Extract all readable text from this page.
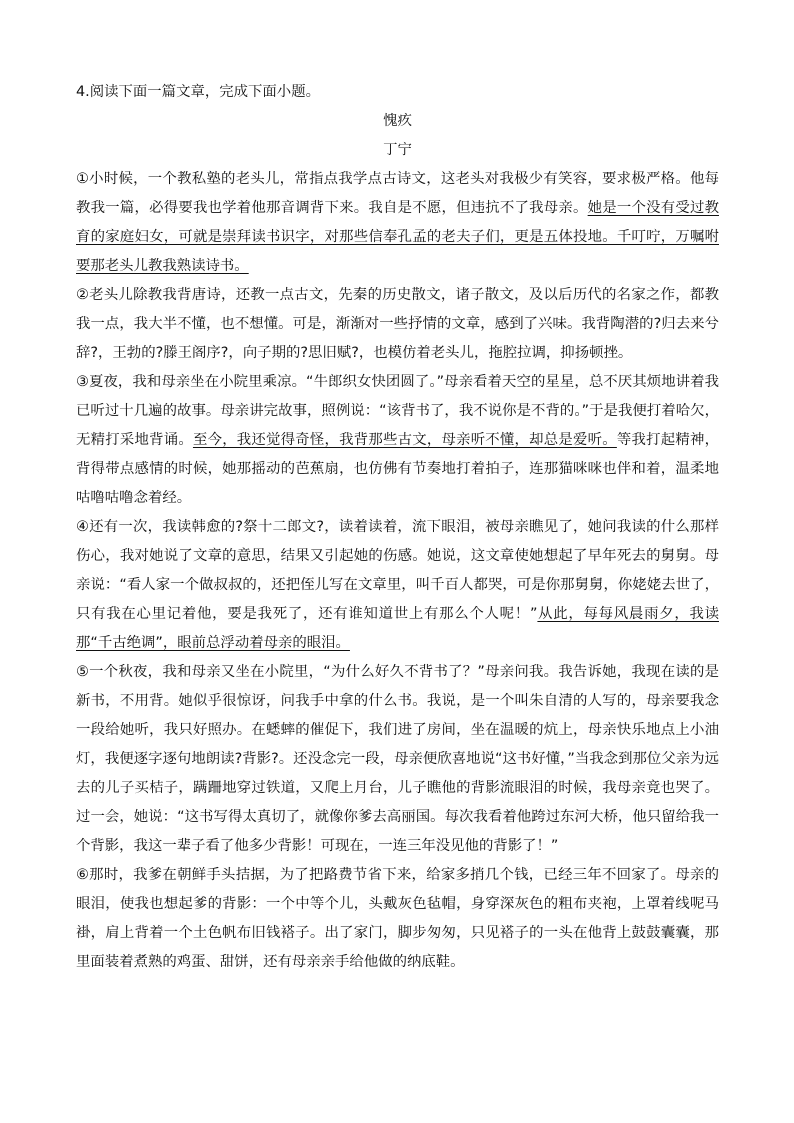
4.阅读下面一篇文章，完成下面小题。

愧疚

丁宁

①小时候，一个教私塾的老头儿，常指点我学点古诗文，这老头对我极少有笑容，要求极严格。他每教我一篇，必得要我也学着他那音调背下来。我自是不愿，但违抗不了我母亲。她是一个没有受过教育的家庭妇女，可就是崇拜读书识字，对那些信奉孔孟的老夫子们，更是五体投地。千叮咛，万嘱咐要那老头儿教我熟读诗书。

②老头儿除教我背唐诗，还教一点古文，先秦的历史散文，诸子散文，及以后历代的名家之作，都教我一点，我大半不懂，也不想懂。可是，渐渐对一些抒情的文章，感到了兴味。我背陶潜的?归去来兮辞?，王勃的?滕王阁序?，向子期的?思旧赋?，也模仿着老头儿，拖腔拉调，抑扬顿挫。

③夏夜，我和母亲坐在小院里乘凉。“牛郎织女快团圆了。”母亲看着天空的星星，总不厌其烦地讲着我已听过十几遍的故事。母亲讲完故事，照例说：“该背书了，我不说你是不背的。”于是我便打着哈欠，无精打采地背诵。至今，我还觉得奇怪，我背那些古文，母亲听不懂，却总是爱听。等我打起精神，背得带点感情的时候，她那摇动的芭蕉扇，也仿佛有节奏地打着拍子，连那猫咪咪也伴和着，温柔地咕噜咕噜念着经。

④还有一次，我读韩愈的?祭十二郎文?，读着读着，流下眼泪，被母亲瞧见了，她问我读的什么那样伤心，我对她说了文章的意思，结果又引起她的伤感。她说，这文章使她想起了早年死去的舅舅。母亲说：“看人家一个做叔叔的，还把侄儿写在文章里，叫千百人都哭，可是你那舅舅，你姥姥去世了，只有我在心里记着他，要是我死了，还有谁知道世上有那么个人呢！”从此，每每风晨雨夕，我读那“千古绝调”，眼前总浮动着母亲的眼泪。

⑤一个秋夜，我和母亲又坐在小院里，“为什么好久不背书了？”母亲问我。我告诉她，我现在读的是新书，不用背。她似乎很惊讶，问我手中拿的什么书。我说，是一个叫朱自清的人写的，母亲要我念一段给她听，我只好照办。在蟋蟀的催促下，我们进了房间，坐在温暖的炕上，母亲快乐地点上小油灯，我便逐字逐句地朗读?背影?。还没念完一段，母亲便欣喜地说“这书好懂，”当我念到那位父亲为远去的儿子买桔子，蹒跚地穿过铁道，又爬上月台，儿子瞧他的背影流眼泪的时候，我母亲竟也哭了。过一会，她说：“这书写得太真切了，就像你爹去高丽国。每次我看着他跨过东河大桥，他只留给我一个背影，我这一辈子看了他多少背影！可现在，一连三年没见他的背影了！”

⑥那时，我爹在朝鲜手头拮据，为了把路费节省下来，给家多捎几个钱，已经三年不回家了。母亲的眼泪，使我也想起爹的背影：一个中等个儿，头戴灰色毡帽，身穿深灰色的粗布夹袍，上罩着线呢马褂，肩上背着一个土色帆布旧钱褡子。出了家门，脚步匆匆，只见褡子的一头在他背上鼓鼓囊囊，那里面装着煮熟的鸡蛋、甜饼，还有母亲亲手给他做的纳底鞋。
